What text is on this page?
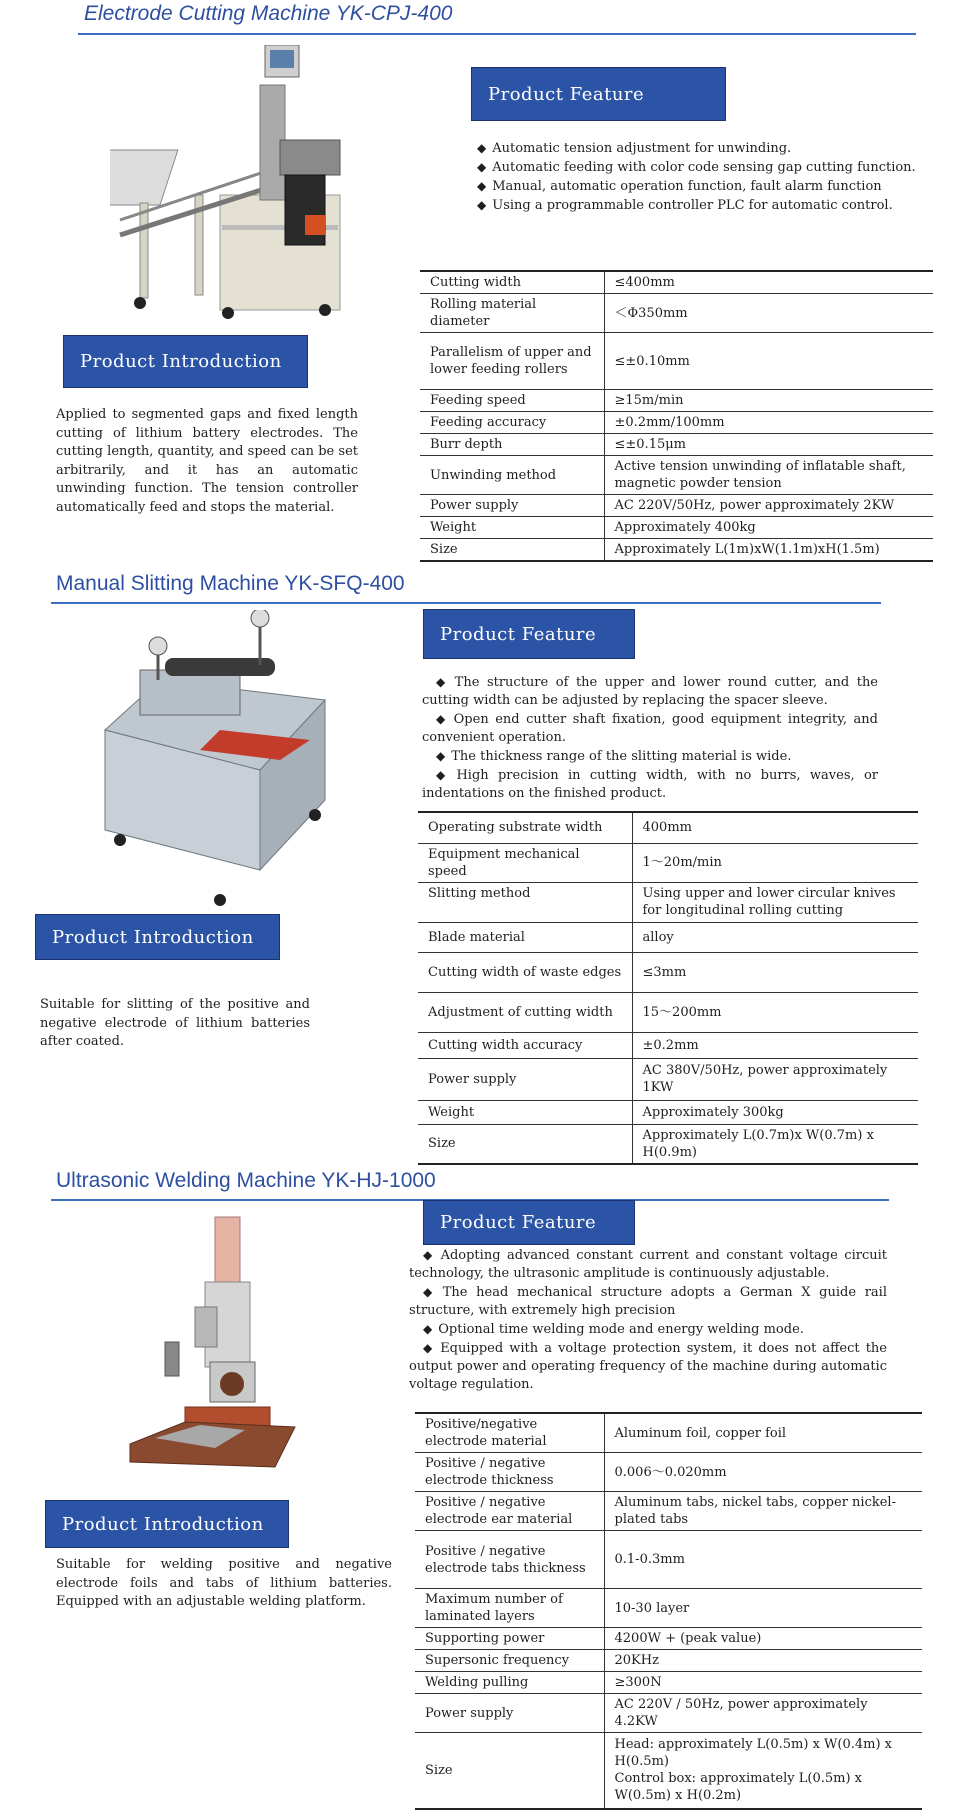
Electrode Cutting Machine YK-CPJ-400
Product Feature

◆ Automatic tension adjustment for unwinding.

◆ Automatic feeding with color code sensing gap cutting function.

◆ Manual, automatic operation function, fault alarm function

◆ Using a programmable controller PLC for automatic control.

Cutting width	≤400mm
Rolling material diameter	＜Φ350mm
Parallelism of upper and lower feeding rollers	≤±0.10mm
Feeding speed	≥15m/min
Feeding accuracy	±0.2mm/100mm
Burr depth	≤±0.15μm
Unwinding method	Active tension unwinding of inflatable shaft, magnetic powder tension
Power supply	AC 220V/50Hz, power approximately 2KW
Weight	Approximately 400kg
Size	Approximately L(1m)xW(1.1m)xH(1.5m)
Product Introduction
Applied to segmented gaps and fixed length cutting of lithium battery electrodes. The cutting length, quantity, and speed can be set arbitrarily, and it has an automatic unwinding function. The tension controller automatically feed and stops the material.
Manual Slitting Machine YK-SFQ-400
Product Feature

◆ The structure of the upper and lower round cutter, and the cutting width can be adjusted by replacing the spacer sleeve.

◆ Open end cutter shaft fixation, good equipment integrity, and convenient operation.

◆ The thickness range of the slitting material is wide.

◆ High precision in cutting width, with no burrs, waves, or indentations on the finished product.

Operating substrate width	400mm
Equipment mechanical speed	1～20m/min
Slitting method	Using upper and lower circular knives for longitudinal rolling cutting
Blade material	alloy
Cutting width of waste edges	≤3mm
Adjustment of cutting width	15～200mm
Cutting width accuracy	±0.2mm
Power supply	AC 380V/50Hz, power approximately 1KW
Weight	Approximately 300kg
Size	Approximately L(0.7m)x W(0.7m) x H(0.9m)
Product Introduction
Suitable for slitting of the positive and negative electrode of lithium batteries after coated.
Ultrasonic Welding Machine YK-HJ-1000
Product Feature

◆ Adopting advanced constant current and constant voltage circuit technology, the ultrasonic amplitude is continuously adjustable.

◆ The head mechanical structure adopts a German X guide rail structure, with extremely high precision

◆ Optional time welding mode and energy welding mode.

◆ Equipped with a voltage protection system, it does not affect the output power and operating frequency of the machine during automatic voltage regulation.

Positive/negative electrode material	Aluminum foil, copper foil
Positive / negative electrode thickness	0.006～0.020mm
Positive / negative electrode ear material	Aluminum tabs, nickel tabs, copper nickel-plated tabs
Positive / negative electrode tabs thickness	0.1-0.3mm
Maximum number of laminated layers	10-30 layer
Supporting power	4200W + (peak value)
Supersonic frequency	20KHz
Welding pulling	≥300N
Power supply	AC 220V / 50Hz, power approximately 4.2KW
Size	Head: approximately L(0.5m) x W(0.4m) x H(0.5m)
Control box: approximately L(0.5m) x W(0.5m) x H(0.2m)
Product Introduction
Suitable for welding positive and negative electrode foils and tabs of lithium batteries. Equipped with an adjustable welding platform.
